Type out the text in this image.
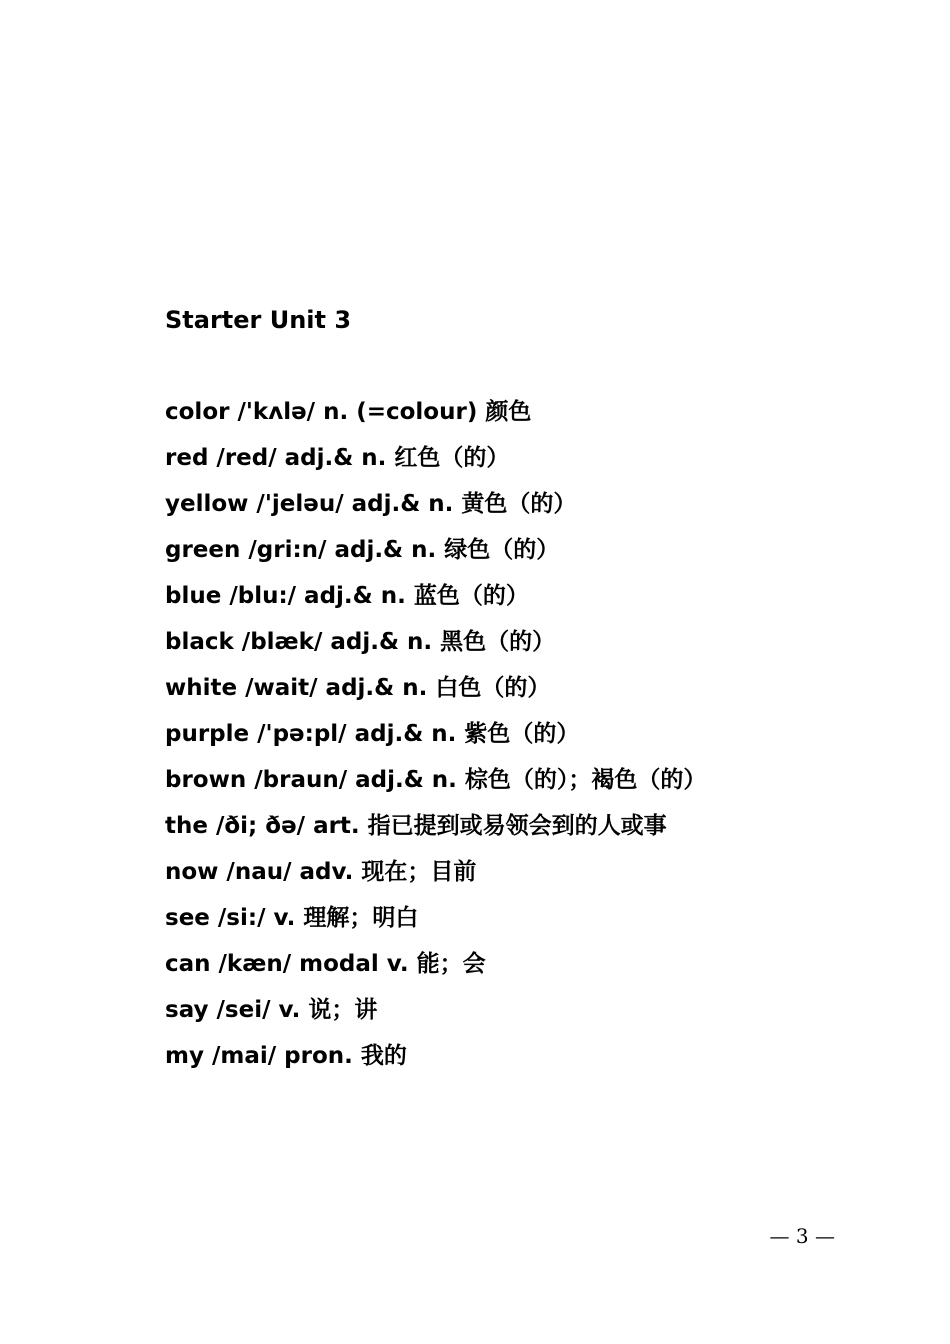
Starter Unit 3
color /'kʌlə/ n. (=colour) 颜色
red /red/ adj.& n. 红色（的）
yellow /'jeləu/ adj.& n. 黄色（的）
green /gri:n/ adj.& n. 绿色（的）
blue /blu:/ adj.& n. 蓝色（的）
black /blæk/ adj.& n. 黑色（的）
white /wait/ adj.& n. 白色（的）
purple /'pə:pl/ adj.& n. 紫色（的）
brown /braun/ adj.& n. 棕色（的）；褐色（的）
the /ði; ðə/ art. 指已提到或易领会到的人或事
now /nau/ adv. 现在；目前
see /si:/ v. 理解；明白
can /kæn/ modal v. 能；会
say /sei/ v. 说；讲
my /mai/ pron. 我的
— 3 —
